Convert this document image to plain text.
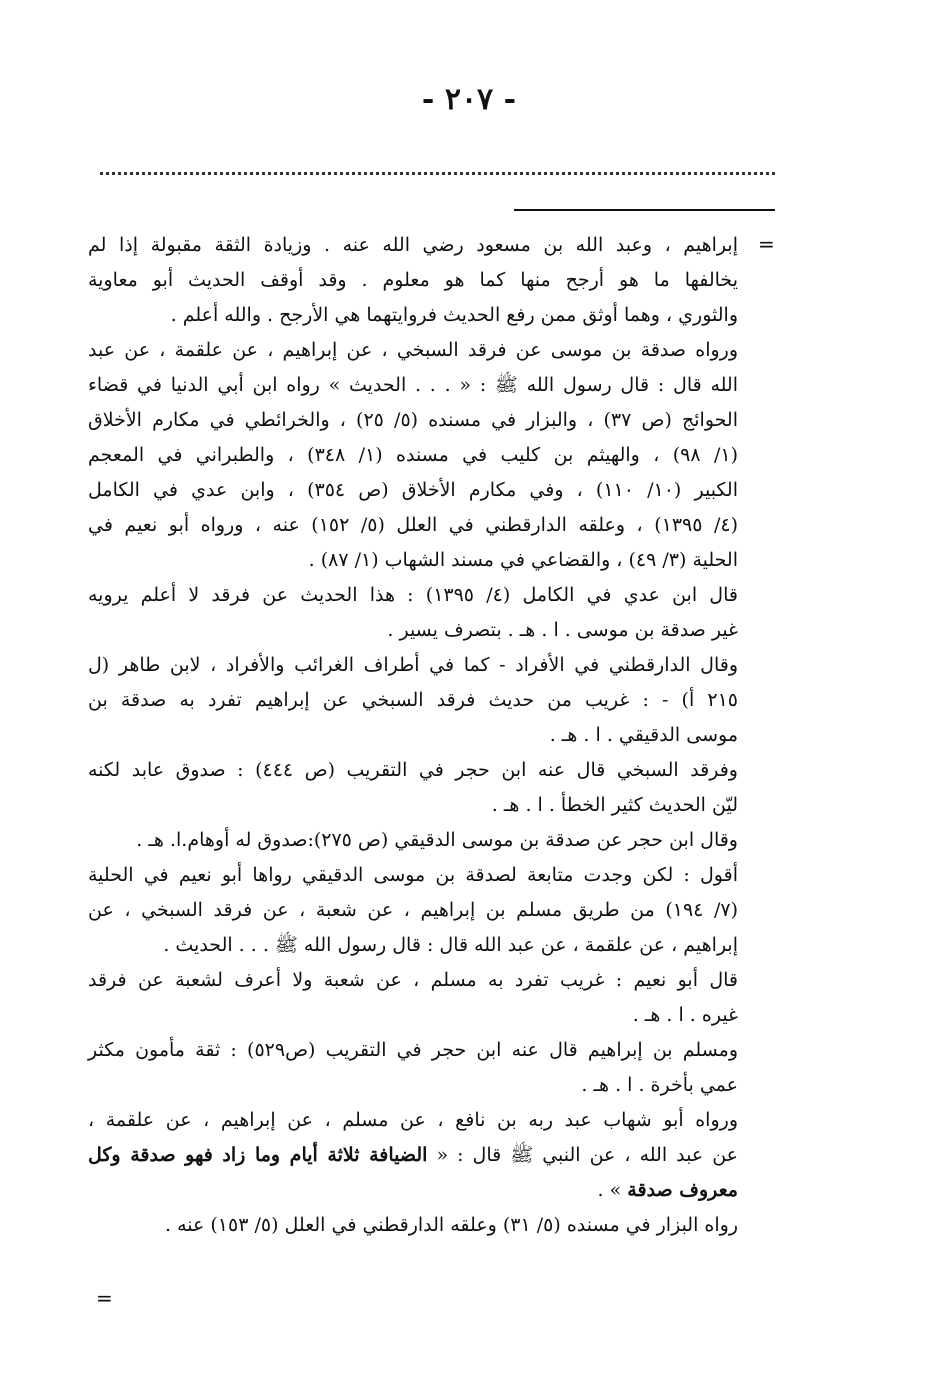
- ٢٠٧ -
=
=
إبراهيم ، وعبد الله بن مسعود رضي الله عنه . وزيادة الثقة مقبولة إذا لم
يخالفها ما هو أرجح منها كما هو معلوم . وقد أوقف الحديث أبو معاوية
والثوري ، وهما أوثق ممن رفع الحديث فروايتهما هي الأرجح . والله أعلم .
ورواه صدقة بن موسى عن فرقد السبخي ، عن إبراهيم ، عن علقمة ، عن عبد
الله قال : قال رسول الله ﷺ : « . . . الحديث » رواه ابن أبي الدنيا في قضاء
الحوائج (ص ٣٧) ، والبزار في مسنده (٥/ ٢٥) ، والخرائطي في مكارم الأخلاق
(١/ ٩٨) ، والهيثم بن كليب في مسنده (١/ ٣٤٨) ، والطبراني في المعجم
الكبير (١٠/ ١١٠) ، وفي مكارم الأخلاق (ص ٣٥٤) ، وابن عدي في الكامل
(٤/ ١٣٩٥) ، وعلقه الدارقطني في العلل (٥/ ١٥٢) عنه ، ورواه أبو نعيم في
الحلية (٣/ ٤٩) ، والقضاعي في مسند الشهاب (١/ ٨٧) .
قال ابن عدي في الكامل (٤/ ١٣٩٥) : هذا الحديث عن فرقد لا أعلم يرويه
غير صدقة بن موسى . ا . هـ . بتصرف يسير .
وقال الدارقطني في الأفراد - كما في أطراف الغرائب والأفراد ، لابن طاهر (ل
٢١٥ أ) - : غريب من حديث فرقد السبخي عن إبراهيم تفرد به صدقة بن
موسى الدقيقي . ا . هـ .
وفرقد السبخي قال عنه ابن حجر في التقريب (ص ٤٤٤) : صدوق عابد لكنه
ليّن الحديث كثير الخطأ . ا . هـ .
وقال ابن حجر عن صدقة بن موسى الدقيقي (ص ٢٧٥):صدوق له أوهام.ا. هـ .
أقول : لكن وجدت متابعة لصدقة بن موسى الدقيقي رواها أبو نعيم في الحلية
(٧/ ١٩٤) من طريق مسلم بن إبراهيم ، عن شعبة ، عن فرقد السبخي ، عن
إبراهيم ، عن علقمة ، عن عبد الله قال : قال رسول الله ﷺ . . . الحديث .
قال أبو نعيم : غريب تفرد به مسلم ، عن شعبة ولا أعرف لشعبة عن فرقد
غيره . ا . هـ .
ومسلم بن إبراهيم قال عنه ابن حجر في التقريب (ص٥٢٩) : ثقة مأمون مكثر
عمي بأخرة . ا . هـ .
ورواه أبو شهاب عبد ربه بن نافع ، عن مسلم ، عن إبراهيم ، عن علقمة ،
عن عبد الله ، عن النبي ﷺ قال : « الضيافة ثلاثة أيام وما زاد فهو صدقة وكل
معروف صدقة » .
رواه البزار في مسنده (٥/ ٣١) وعلقه الدارقطني في العلل (٥/ ١٥٣) عنه .
